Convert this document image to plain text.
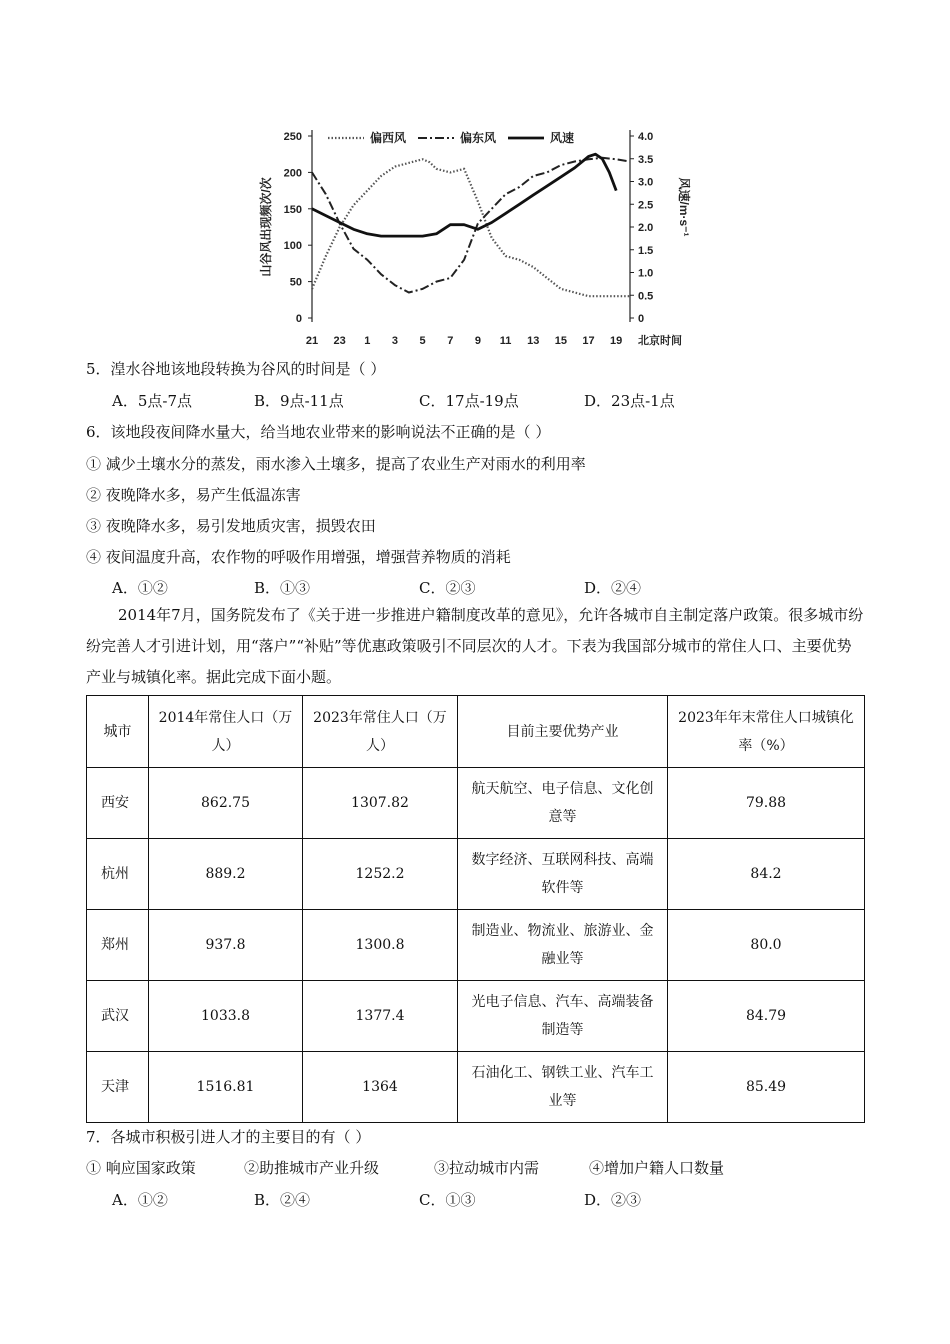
250
200
150
100
50
0
4.0
3.5
3.0
2.5
2.0
1.5
1.0
0.5
0
21 23 1 3 5 7 9 11 13 15 17 19 北京时间
山谷风出现频次/次	风速/m·s⁻¹
偏西风	偏东风	风速
5．湟水谷地该地段转换为谷风的时间是（ ）
A．5点-7点	B．9点-11点	C．17点-19点	D．23点-1点
6．该地段夜间降水量大，给当地农业带来的影响说法不正确的是（ ）
① 减少土壤水分的蒸发，雨水渗入土壤多，提高了农业生产对雨水的利用率
② 夜晚降水多，易产生低温冻害
③ 夜晚降水多，易引发地质灾害，损毁农田
④ 夜间温度升高，农作物的呼吸作用增强，增强营养物质的消耗
A．①②	B．①③	C．②③	D．②④
2014年7月，国务院发布了《关于进一步推进户籍制度改革的意见》，允许各城市自主制定落户政策。很多城市纷纷完善人才引进计划，用“落户”“补贴”等优惠政策吸引不同层次的人才。下表为我国部分城市的常住人口、主要优势产业与城镇化率。据此完成下面小题。
城市	2014年常住人口（万人）	2023年常住人口（万人）	目前主要优势产业	2023年年末常住人口城镇化率（%）
西安	862.75	1307.82	航天航空、电子信息、文化创意等	79.88
杭州	889.2	1252.2	数字经济、互联网科技、高端软件等	84.2
郑州	937.8	1300.8	制造业、物流业、旅游业、金融业等	80.0
武汉	1033.8	1377.4	光电子信息、汽车、高端装备制造等	84.79
天津	1516.81	1364	石油化工、钢铁工业、汽车工业等	85.49
7．各城市积极引进人才的主要目的有（ ）
① 响应国家政策	②助推城市产业升级	③拉动城市内需	④增加户籍人口数量
A．①②	B．②④	C．①③	D．②③
